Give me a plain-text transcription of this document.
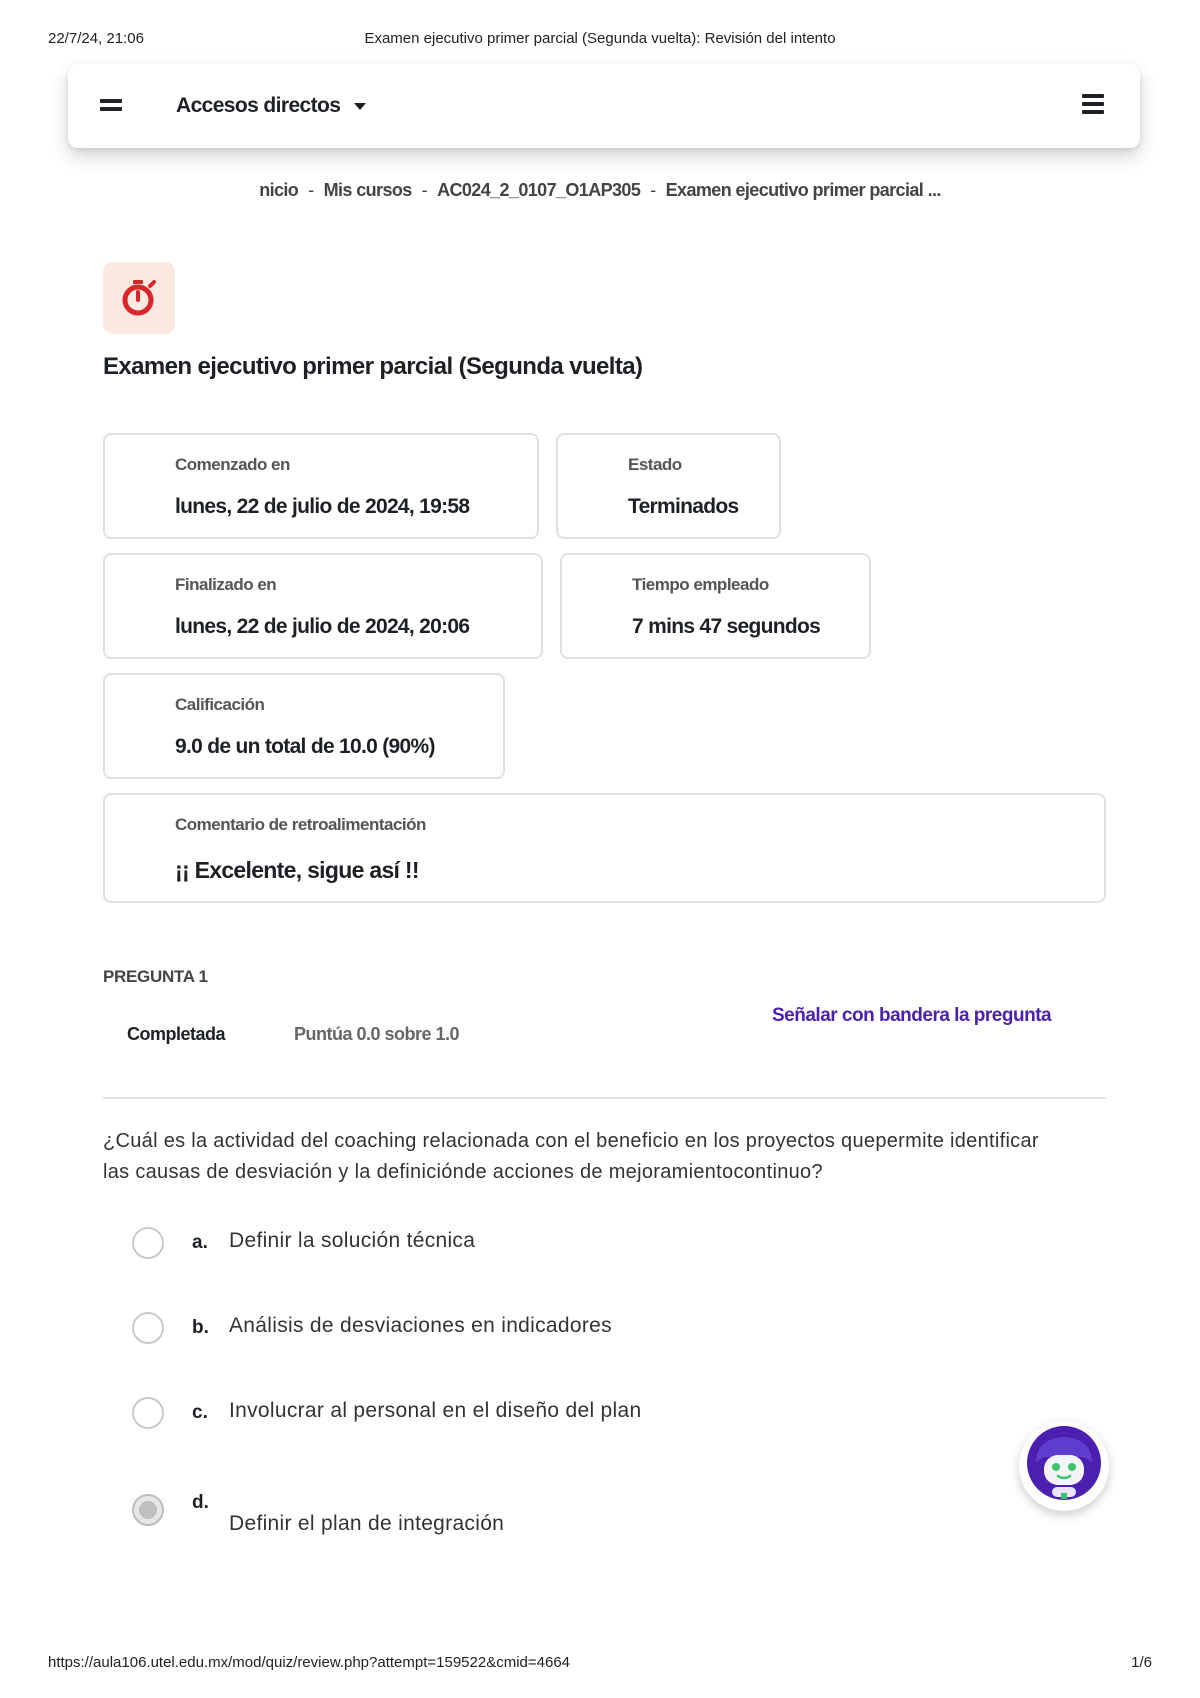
22/7/24, 21:06	Examen ejecutivo primer parcial (Segunda vuelta): Revisión del intento
Accesos directos
nicio - Mis cursos - AC024_2_0107_O1AP305 - Examen ejecutivo primer parcial ...
Examen ejecutivo primer parcial (Segunda vuelta)
Comenzado en
lunes, 22 de julio de 2024, 19:58
Estado
Terminados
Finalizado en
lunes, 22 de julio de 2024, 20:06
Tiempo empleado
7 mins 47 segundos
Calificación
9.0 de un total de 10.0 (90%)
Comentario de retroalimentación
¡¡ Excelente, sigue así !!
PREGUNTA 1
Completada	Puntúa 0.0 sobre 1.0
Señalar con bandera la pregunta
¿Cuál es la actividad del coaching relacionada con el beneficio en los proyectos quepermite identificar las causas de desviación y la definiciónde acciones de mejoramientocontinuo?
a. Definir la solución técnica
b. Análisis de desviaciones en indicadores
c. Involucrar al personal en el diseño del plan
d.
Definir el plan de integración
https://aula106.utel.edu.mx/mod/quiz/review.php?attempt=159522&cmid=4664	1/6
